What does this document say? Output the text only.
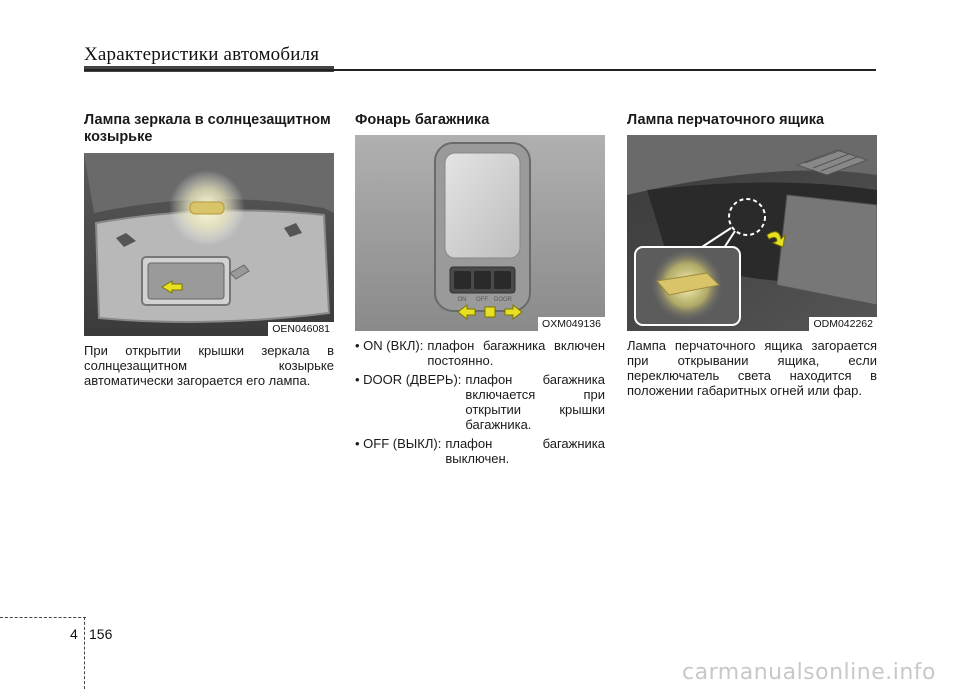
Характеристики автомобиля
Лампа зеркала в солнцезащитном козырьке
OEN046081

При открытии крышки зеркала в солнцезащитном козырьке автоматически загорается его лампа.

Фонарь багажника
ON OFF DOOR
OXM049136
• ON (ВКЛ): плафон багажника включен постоянно.
• DOOR (ДВЕРЬ): плафон багажника включается при открытии крышки багажника.
• OFF (ВЫКЛ): плафон багажника выключен.
Лампа перчаточного ящика
ODM042262

Лампа перчаточного ящика загорается при открывании ящика, если переключатель света находится в положении габаритных огней или фар.

4 156
carmanualsonline.info
